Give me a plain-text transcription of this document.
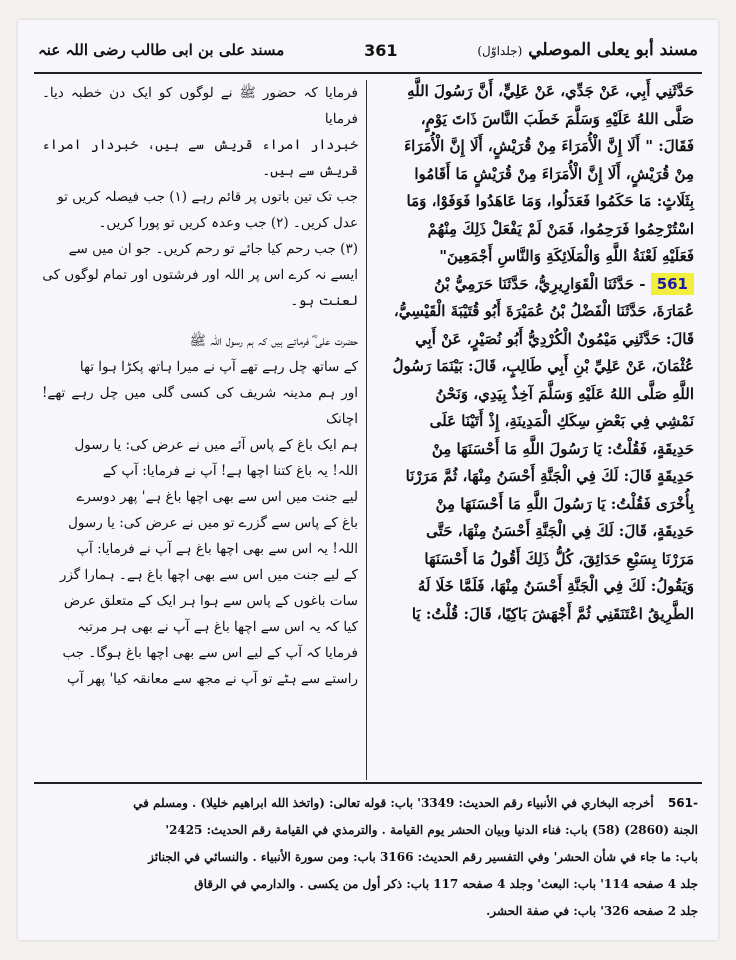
مسند علی بن ابی طالب رضی اللہ عنہ	361	مسند أبو يعلى الموصلي (جلداوّل)

حَدَّثَنِي أَبِي، عَنْ جَدِّي، عَنْ عَلِيٍّ، أَنَّ رَسُولَ اللَّهِ

صَلَّى اللهُ عَلَيْهِ وَسَلَّمَ خَطَبَ النَّاسَ ذَاتَ يَوْمٍ،

فَقَالَ: " أَلَا إِنَّ الْأُمَرَاءَ مِنْ قُرَيْشٍ، أَلَا إِنَّ الْأُمَرَاءَ

مِنْ قُرَيْشٍ، أَلَا إِنَّ الْأُمَرَاءَ مِنْ قُرَيْشٍ مَا أَقَامُوا

بِثَلَاثٍ: مَا حَكَمُوا فَعَدَلُوا، وَمَا عَاهَدُوا فَوَفَوْا، وَمَا

اسْتُرْحِمُوا فَرَحِمُوا، فَمَنْ لَمْ يَفْعَلْ ذَلِكَ مِنْهُمْ

فَعَلَيْهِ لَعْنَةُ اللَّهِ وَالْمَلَائِكَةِ وَالنَّاسِ أَجْمَعِينَ"

561 - حَدَّثَنَا الْقَوَارِيرِيُّ، حَدَّثَنَا حَرَمِيُّ بْنُ

عُمَارَةَ، حَدَّثَنَا الْفَضْلُ بْنُ عُمَيْرَةَ أَبُو قُتَيْبَةَ الْقَيْسِيُّ،

قَالَ: حَدَّثَنِي مَيْمُونٌ الْكُرْدِيُّ أَبُو نُصَيْرٍ، عَنْ أَبِي

عُثْمَانَ، عَنْ عَلِيِّ بْنِ أَبِي طَالِبٍ، قَالَ: بَيْنَمَا رَسُولُ

اللَّهِ صَلَّى اللهُ عَلَيْهِ وَسَلَّمَ آخِذٌ بِيَدِي، وَنَحْنُ

نَمْشِي فِي بَعْضِ سِكَكِ الْمَدِينَةِ، إِذْ أَتَيْنَا عَلَى

حَدِيقَةٍ، فَقُلْتُ: يَا رَسُولَ اللَّهِ مَا أَحْسَنَهَا مِنْ

حَدِيقَةٍ قَالَ: لَكَ فِي الْجَنَّةِ أَحْسَنُ مِنْهَا، ثُمَّ مَرَرْنَا

بِأُخْرَى فَقُلْتُ: يَا رَسُولَ اللَّهِ مَا أَحْسَنَهَا مِنْ

حَدِيقَةٍ، قَالَ: لَكَ فِي الْجَنَّةِ أَحْسَنُ مِنْهَا، حَتَّى

مَرَرْنَا بِسَبْعِ حَدَائِقَ، كُلُّ ذَلِكَ أَقُولُ مَا أَحْسَنَهَا

وَيَقُولُ: لَكَ فِي الْجَنَّةِ أَحْسَنُ مِنْهَا، فَلَمَّا خَلَا لَهُ

الطَّرِيقُ اعْتَنَقَنِي ثُمَّ أَجْهَشَ بَاكِيًا، قَالَ: قُلْتُ: يَا

فرمایا کہ حضور ﷺ نے لوگوں کو ایک دن خطبہ دیا۔ فرمایا

خبردار امراء قریش سے ہیں، خبردار امراء قریش سے ہیں۔

جب تک تین باتوں پر قائم رہے (۱) جب فیصلہ کریں تو

عدل کریں۔ (۲) جب وعدہ کریں تو پورا کریں۔

(۳) جب رحم کیا جائے تو رحم کریں۔ جو ان میں سے

ایسے نہ کرے اس پر اللہ اور فرشتوں اور تمام لوگوں کی

لعنت ہو۔

حضرت علی ؓ فرماتے ہیں کہ ہم رسول اللہ ﷺ

کے ساتھ چل رہے تھے آپ نے میرا ہاتھ پکڑا ہوا تھا

اور ہم مدینہ شریف کی کسی گلی میں چل رہے تھے! اچانک

ہم ایک باغ کے پاس آئے میں نے عرض کی: یا رسول

اللہ! یہ باغ کتنا اچھا ہے! آپ نے فرمایا: آپ کے

لیے جنت میں اس سے بھی اچھا باغ ہے' پھر دوسرے

باغ کے پاس سے گزرے تو میں نے عرض کی: یا رسول

اللہ! یہ اس سے بھی اچھا باغ ہے آپ نے فرمایا: آپ

کے لیے جنت میں اس سے بھی اچھا باغ ہے۔ ہمارا گزر

سات باغوں کے پاس سے ہوا ہر ایک کے متعلق عرض

کیا کہ یہ اس سے اچھا باغ ہے آپ نے بھی ہر مرتبہ

فرمایا کہ آپ کے لیے اس سے بھی اچھا باغ ہوگا۔ جب

راستے سے ہٹے تو آپ نے مجھ سے معانقہ کیا' پھر آپ

-561 أخرجه البخاري في الأنبياء رقم الحديث: 3349' باب: قوله تعالى: (واتخذ الله ابراهيم خليلا) . ومسلم في

الجنة (2860) (58) باب: فناء الدنيا وبيان الحشر يوم القيامة . والترمذي في القيامة رقم الحديث: 2425'

باب: ما جاء في شأن الحشر' وفي التفسير رقم الحديث: 3166 باب: ومن سورة الأنبياء . والنسائي في الجنائز

جلد 4 صفحه 114' باب: البعث' وجلد 4 صفحه 117 باب: ذكر أول من يكسى . والدارمي في الرقاق

جلد 2 صفحه 326' باب: في صفة الحشر.
